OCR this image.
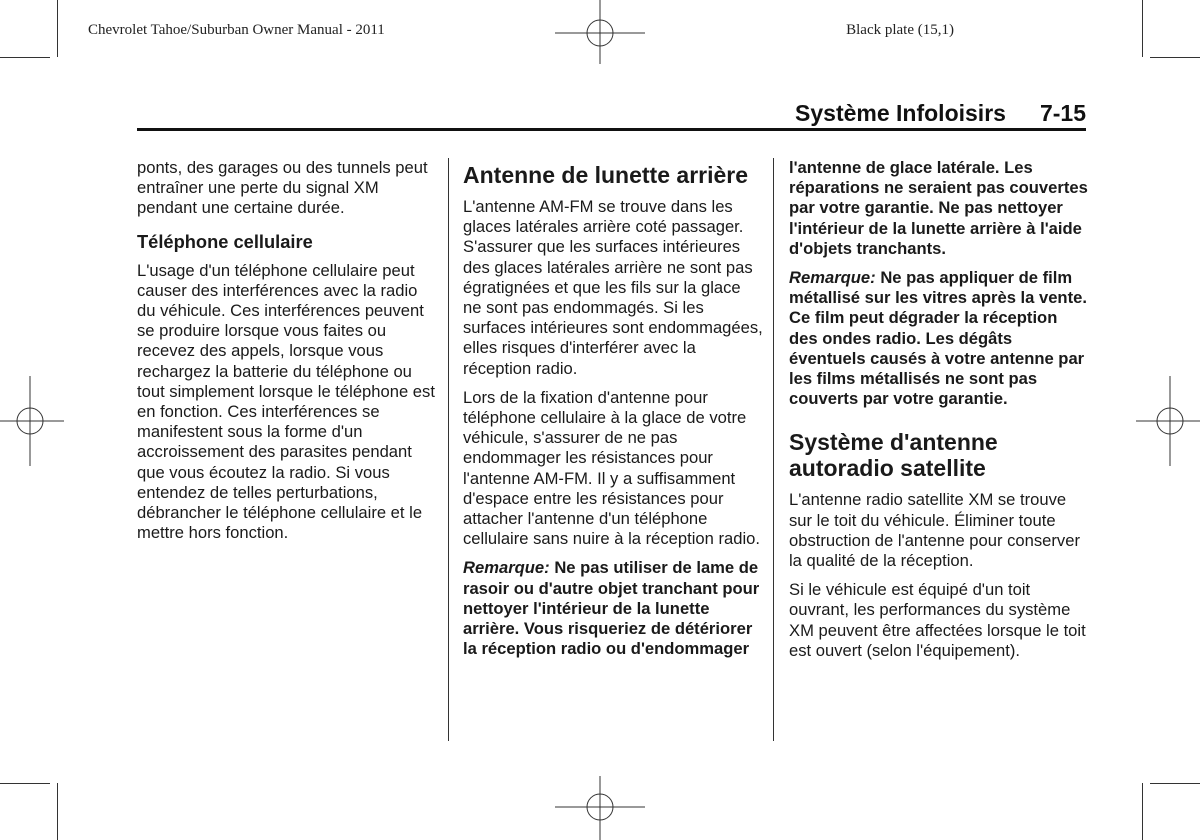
Chevrolet Tahoe/Suburban Owner Manual - 2011	Black plate (15,1)
Système Infoloisirs 7-15

ponts, des garages ou des tunnels peut entraîner une perte du signal XM pendant une certaine durée.

Téléphone cellulaire

L'usage d'un téléphone cellulaire peut causer des interférences avec la radio du véhicule. Ces interférences peuvent se produire lorsque vous faites ou recevez des appels, lorsque vous rechargez la batterie du téléphone ou tout simplement lorsque le téléphone est en fonction. Ces interférences se manifestent sous la forme d'un accroissement des parasites pendant que vous écoutez la radio. Si vous entendez de telles perturbations, débrancher le téléphone cellulaire et le mettre hors fonction.

Antenne de lunette arrière

L'antenne AM-FM se trouve dans les glaces latérales arrière coté passager. S'assurer que les surfaces intérieures des glaces latérales arrière ne sont pas égratignées et que les fils sur la glace ne sont pas endommagés. Si les surfaces intérieures sont endommagées, elles risques d'interférer avec la réception radio.

Lors de la fixation d'antenne pour téléphone cellulaire à la glace de votre véhicule, s'assurer de ne pas endommager les résistances pour l'antenne AM-FM. Il y a suffisamment d'espace entre les résistances pour attacher l'antenne d'un téléphone cellulaire sans nuire à la réception radio.

Remarque: Ne pas utiliser de lame de rasoir ou d'autre objet tranchant pour nettoyer l'intérieur de la lunette arrière. Vous risqueriez de détériorer la réception radio ou d'endommager

l'antenne de glace latérale. Les réparations ne seraient pas couvertes par votre garantie. Ne pas nettoyer l'intérieur de la lunette arrière à l'aide d'objets tranchants.

Remarque: Ne pas appliquer de film métallisé sur les vitres après la vente. Ce film peut dégrader la réception des ondes radio. Les dégâts éventuels causés à votre antenne par les films métallisés ne sont pas couverts par votre garantie.

Système d'antenne autoradio satellite

L'antenne radio satellite XM se trouve sur le toit du véhicule. Éliminer toute obstruction de l'antenne pour conserver la qualité de la réception.

Si le véhicule est équipé d'un toit ouvrant, les performances du système XM peuvent être affectées lorsque le toit est ouvert (selon l'équipement).
